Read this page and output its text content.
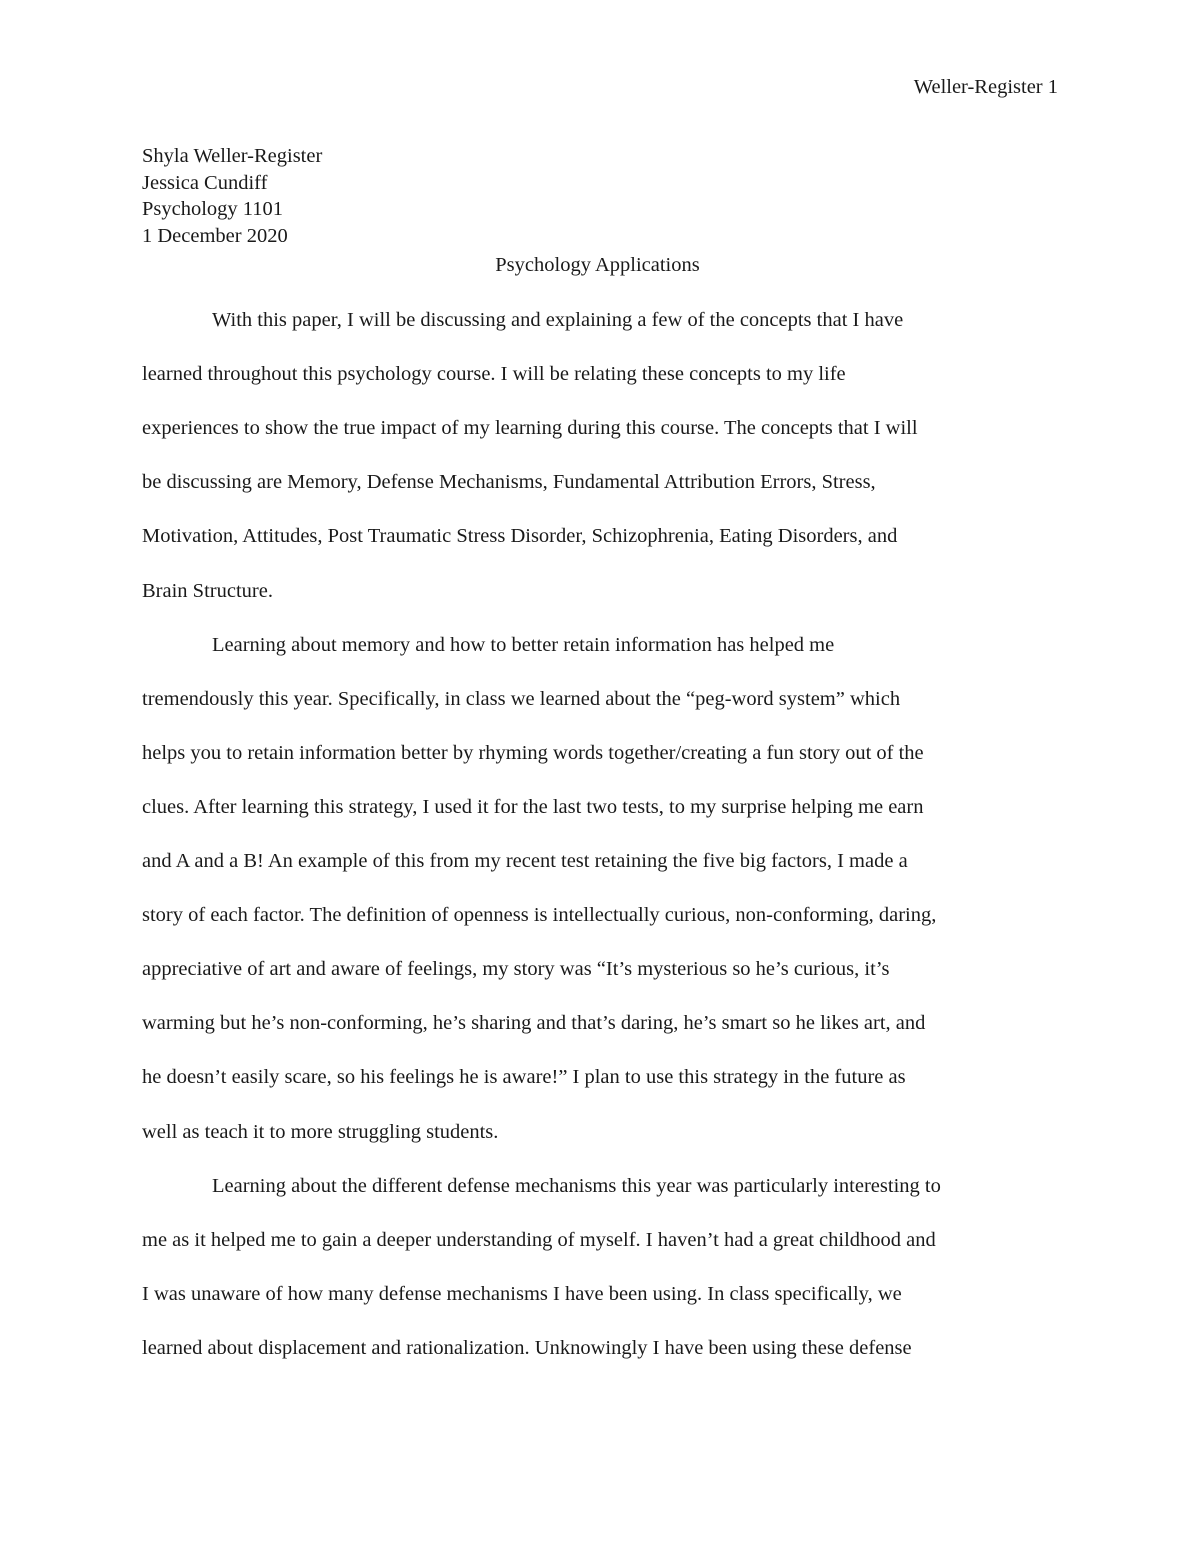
Weller-Register 1
Shyla Weller-Register
Jessica Cundiff
Psychology 1101
1 December 2020
Psychology Applications
With this paper, I will be discussing and explaining a few of the concepts that I have
learned throughout this psychology course. I will be relating these concepts to my life
experiences to show the true impact of my learning during this course. The concepts that I will
be discussing are Memory, Defense Mechanisms, Fundamental Attribution Errors, Stress,
Motivation, Attitudes, Post Traumatic Stress Disorder, Schizophrenia, Eating Disorders, and
Brain Structure.
Learning about memory and how to better retain information has helped me
tremendously this year. Specifically, in class we learned about the “peg-word system” which
helps you to retain information better by rhyming words together/creating a fun story out of the
clues. After learning this strategy, I used it for the last two tests, to my surprise helping me earn
and A and a B! An example of this from my recent test retaining the five big factors, I made a
story of each factor. The definition of openness is intellectually curious, non-conforming, daring,
appreciative of art and aware of feelings, my story was “It’s mysterious so he’s curious, it’s
warming but he’s non-conforming, he’s sharing and that’s daring, he’s smart so he likes art, and
he doesn’t easily scare, so his feelings he is aware!” I plan to use this strategy in the future as
well as teach it to more struggling students.
Learning about the different defense mechanisms this year was particularly interesting to
me as it helped me to gain a deeper understanding of myself. I haven’t had a great childhood and
I was unaware of how many defense mechanisms I have been using. In class specifically, we
learned about displacement and rationalization. Unknowingly I have been using these defense
